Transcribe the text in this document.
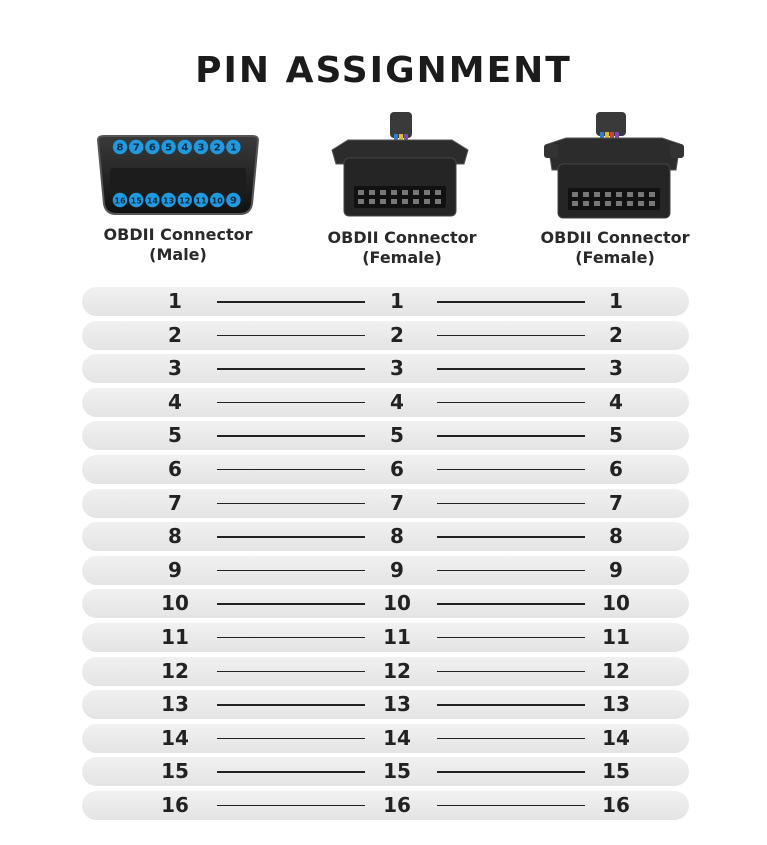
PIN ASSIGNMENT
8 7 6 5 4 3 2 1
16 15 14 13 12 11 10 9
OBDII Connector
(Male)
OBDII Connector
(Female)
OBDII Connector
(Female)
1	1	1
2	2	2
3	3	3
4	4	4
5	5	5
6	6	6
7	7	7
8	8	8
9	9	9
10	10	10
11	11	11
12	12	12
13	13	13
14	14	14
15	15	15
16	16	16
